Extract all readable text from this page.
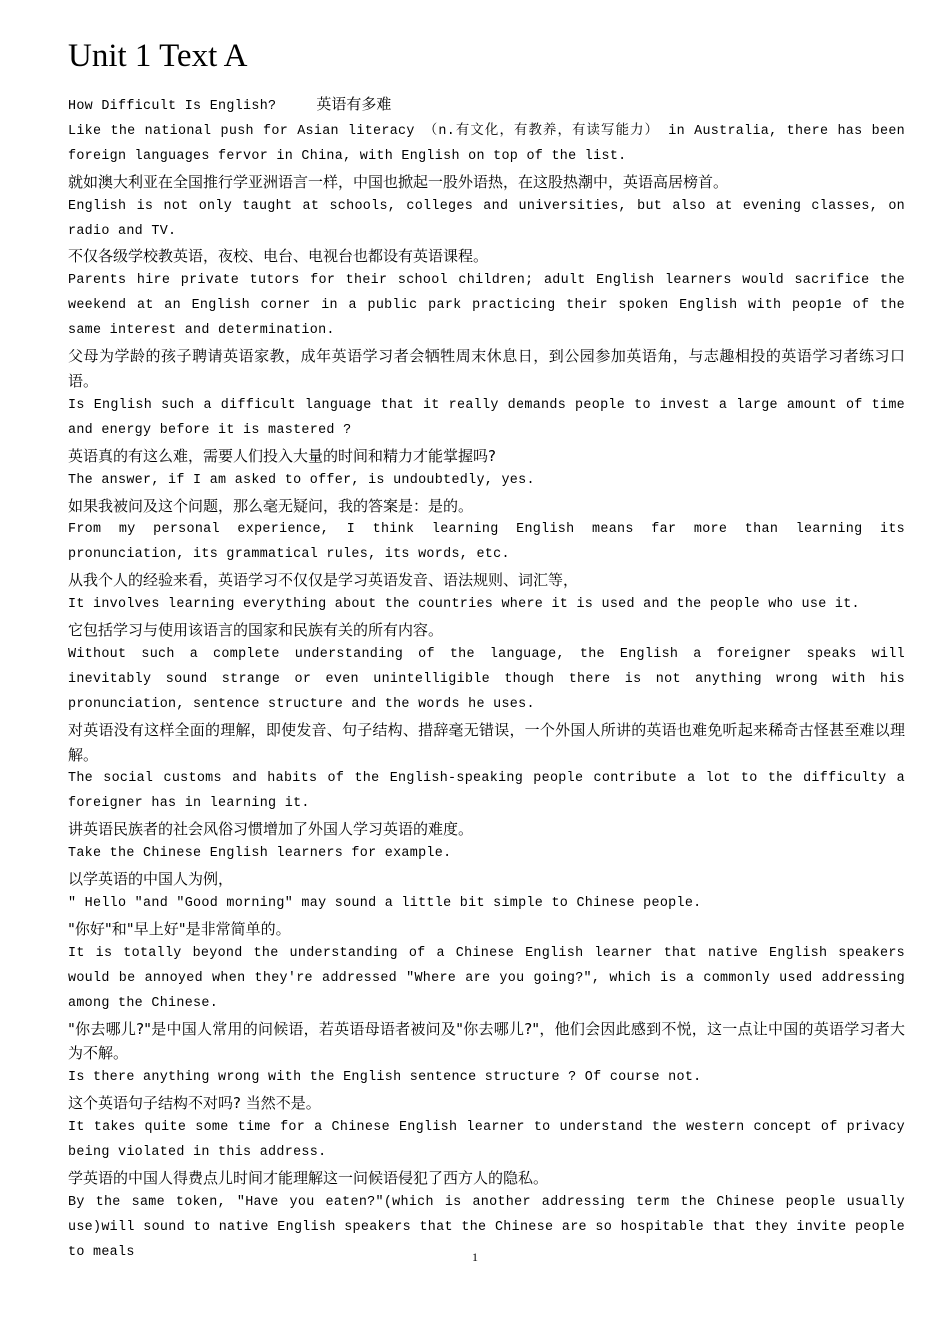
Unit 1 Text A

How Difficult Is English?	英语有多难

Like the national push for Asian literacy （n.有文化，有教养，有读写能力） in Australia, there has been foreign languages fervor in China, with English on top of the list.

就如澳大利亚在全国推行学亚洲语言一样，中国也掀起一股外语热，在这股热潮中，英语高居榜首。

English is not only taught at schools, colleges and universities, but also at evening classes, on radio and TV.

不仅各级学校教英语，夜校、电台、电视台也都设有英语课程。

Parents hire private tutors for their school children; adult English learners would sacrifice the weekend at an English corner in a public park practicing their spoken English with peop1e of the same interest and determination.

父母为学龄的孩子聘请英语家教，成年英语学习者会牺牲周末休息日，到公园参加英语角，与志趣相投的英语学习者练习口语。

Is English such a difficult language that it really demands people to invest a large amount of time and energy before it is mastered ?

英语真的有这么难，需要人们投入大量的时间和精力才能掌握吗?

The answer, if I am asked to offer, is undoubtedly, yes.

如果我被问及这个问题，那么毫无疑问，我的答案是：是的。

From my personal experience, I think learning English means far more than learning its pronunciation, its grammatical rules, its words, etc.

从我个人的经验来看，英语学习不仅仅是学习英语发音、语法规则、词汇等，

It involves learning everything about the countries where it is used and the people who use it.

它包括学习与使用该语言的国家和民族有关的所有内容。

Without such a complete understanding of the language, the English a foreigner speaks will inevitably sound strange or even unintelligible though there is not anything wrong with his pronunciation, sentence structure and the words he uses.

对英语没有这样全面的理解，即使发音、句子结构、措辞毫无错误，一个外国人所讲的英语也难免听起来稀奇古怪甚至难以理解。

The social customs and habits of the English-speaking people contribute a lot to the difficulty a foreigner has in learning it.

讲英语民族者的社会风俗习惯增加了外国人学习英语的难度。

Take the Chinese English learners for example.

以学英语的中国人为例，

" Hello "and "Good morning" may sound a little bit simple to Chinese people.

"你好"和"早上好"是非常简单的。

It is totally beyond the understanding of a Chinese English learner that native English speakers would be annoyed when they're addressed "Where are you going?", which is a commonly used addressing among the Chinese.

"你去哪儿?"是中国人常用的问候语，若英语母语者被问及"你去哪儿?"，他们会因此感到不悦，这一点让中国的英语学习者大为不解。

Is there anything wrong with the English sentence structure ? Of course not.

这个英语句子结构不对吗? 当然不是。

It takes quite some time for a Chinese English learner to understand the western concept of privacy being violated in this address.

学英语的中国人得费点儿时间才能理解这一问候语侵犯了西方人的隐私。

By the same token, "Have you eaten?"(which is another addressing term the Chinese people usually use)will sound to native English speakers that the Chinese are so hospitable that they invite people to meals	1
